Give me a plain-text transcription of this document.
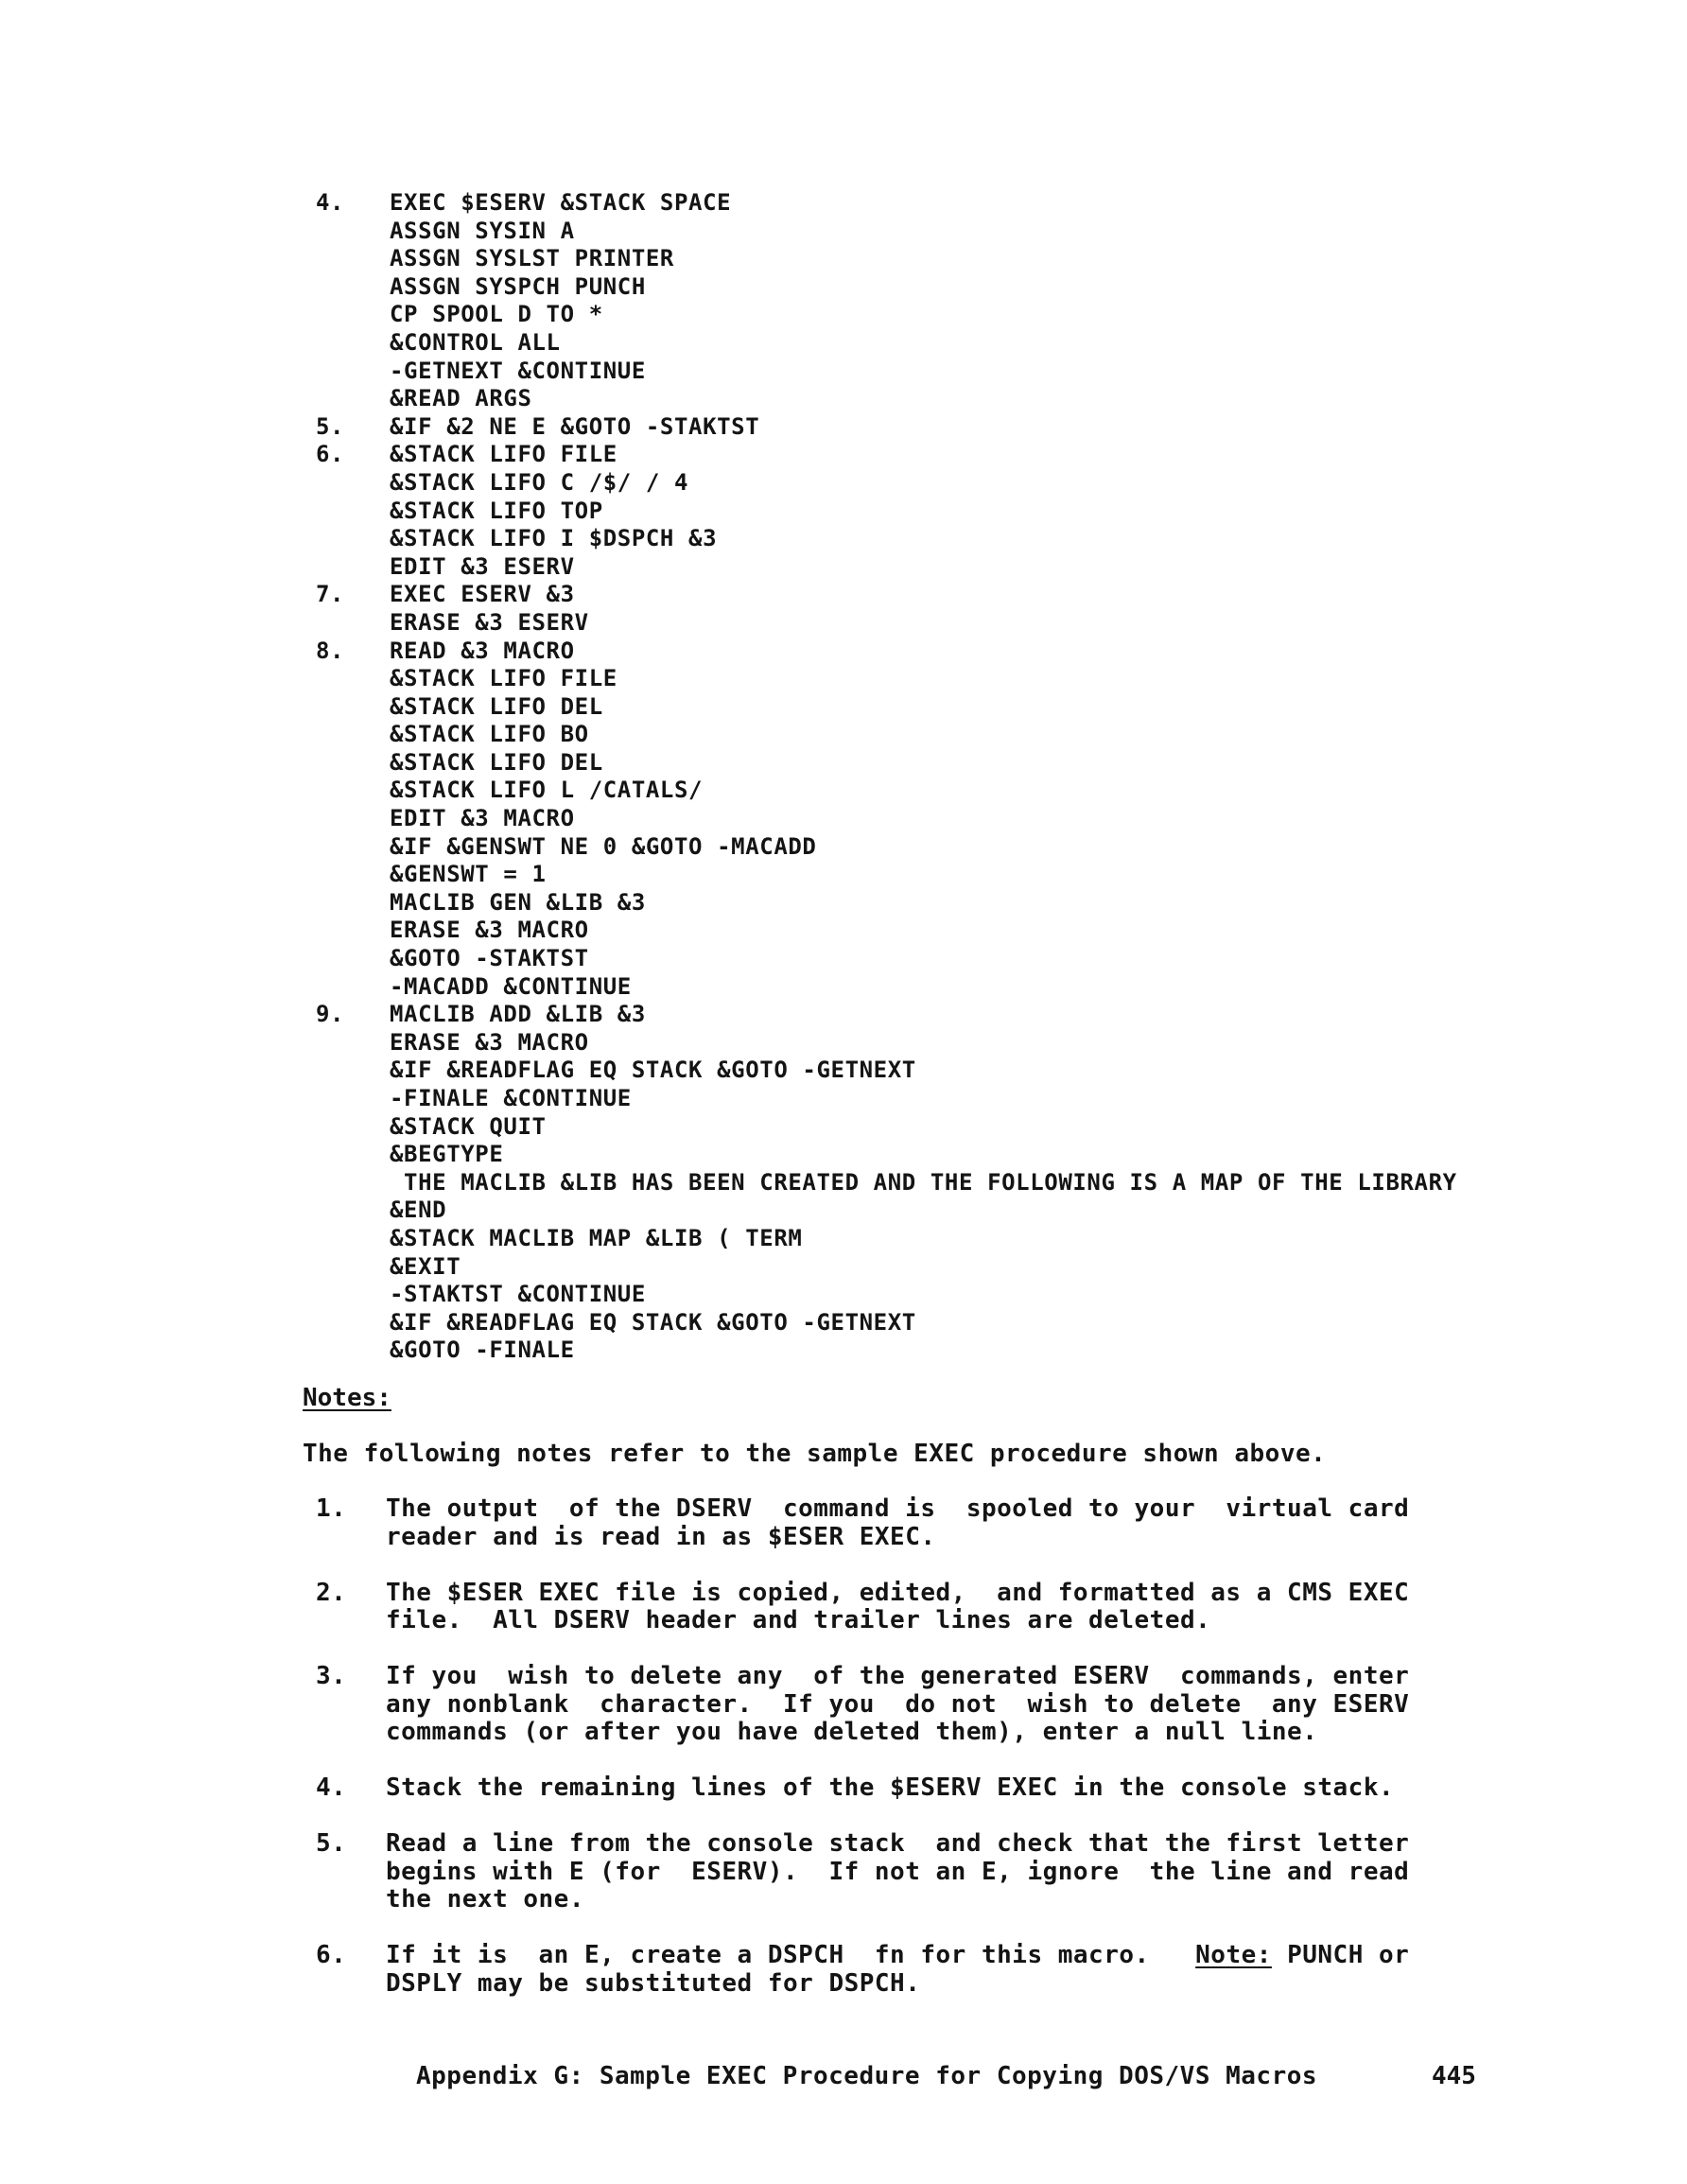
4.	EXEC $ESERV &STACK SPACE
ASSGN SYSIN A
ASSGN SYSLST PRINTER
ASSGN SYSPCH PUNCH
CP SPOOL D TO *
&CONTROL ALL
-GETNEXT &CONTINUE
&READ ARGS
5.	&IF &2 NE E &GOTO -STAKTST
6.	&STACK LIFO FILE
&STACK LIFO C /$/ / 4
&STACK LIFO TOP
&STACK LIFO I $DSPCH &3
EDIT &3 ESERV
7.	EXEC ESERV &3
ERASE &3 ESERV
8.	READ &3 MACRO
&STACK LIFO FILE
&STACK LIFO DEL
&STACK LIFO BO
&STACK LIFO DEL
&STACK LIFO L /CATALS/
EDIT &3 MACRO
&IF &GENSWT NE 0 &GOTO -MACADD
&GENSWT = 1
MACLIB GEN &LIB &3
ERASE &3 MACRO
&GOTO -STAKTST
-MACADD &CONTINUE
9.	MACLIB ADD &LIB &3
ERASE &3 MACRO
&IF &READFLAG EQ STACK &GOTO -GETNEXT
-FINALE &CONTINUE
&STACK QUIT
&BEGTYPE
THE MACLIB &LIB HAS BEEN CREATED AND THE FOLLOWING IS A MAP OF THE LIBRARY
&END
&STACK MACLIB MAP &LIB ( TERM
&EXIT
-STAKTST &CONTINUE
&IF &READFLAG EQ STACK &GOTO -GETNEXT
&GOTO -FINALE
Notes:
The following notes refer to the sample EXEC procedure shown above.
1.	The output  of the DSERV  command is  spooled to your  virtual card
reader and is read in as $ESER EXEC.
2.	The $ESER EXEC file is copied, edited,  and formatted as a CMS EXEC
file.  All DSERV header and trailer lines are deleted.
3.	If you  wish to delete any  of the generated ESERV  commands, enter
any nonblank  character.  If you  do not  wish to delete  any ESERV
commands (or after you have deleted them), enter a null line.
4.	Stack the remaining lines of the $ESERV EXEC in the console stack.
5.	Read a line from the console stack  and check that the first letter
begins with E (for  ESERV).  If not an E, ignore  the line and read
the next one.
6.	If it is  an E, create a DSPCH  fn for this macro.   Note: PUNCH or
DSPLY may be substituted for DSPCH.
Appendix G: Sample EXEC Procedure for Copying DOS/VS Macros	445
